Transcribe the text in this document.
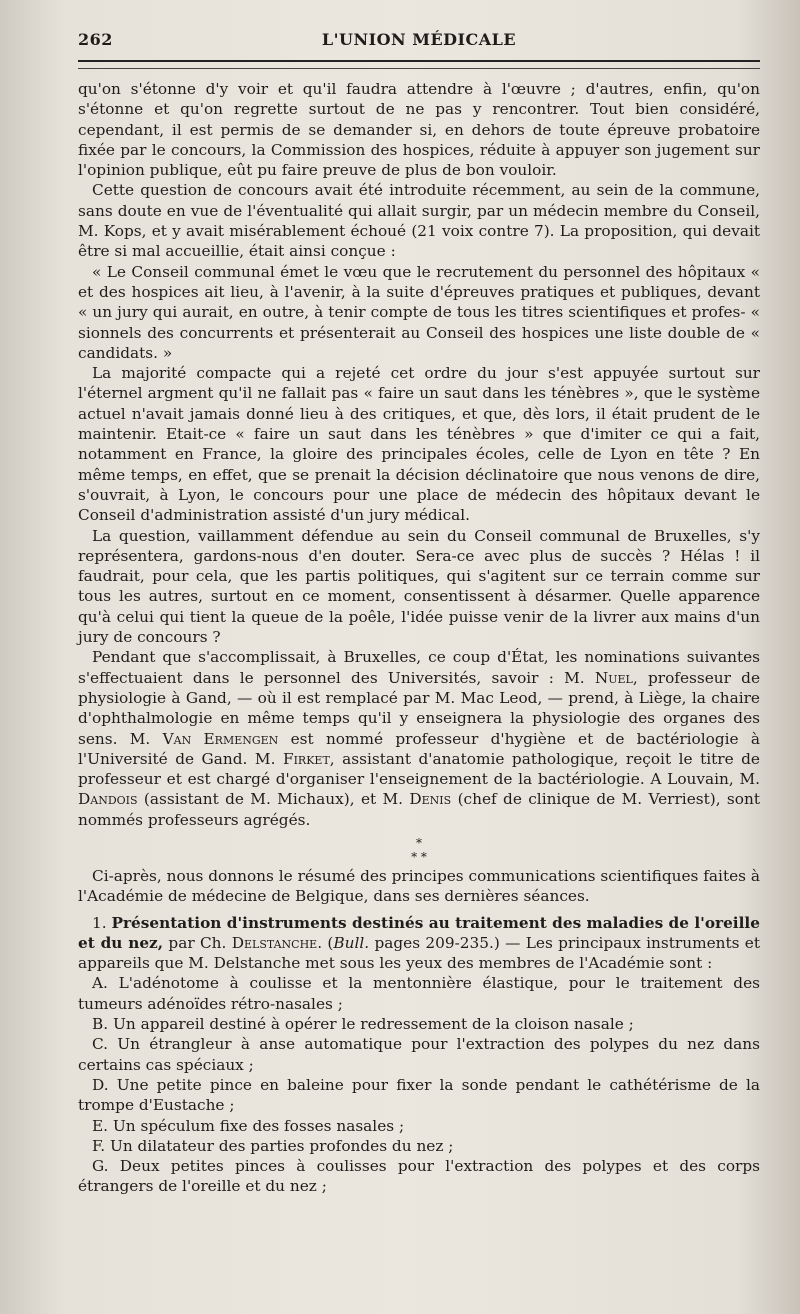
262	L'UNION MÉDICALE

qu'on s'étonne d'y voir et qu'il faudra attendre à l'œuvre ; d'autres, enfin, qu'on s'étonne et qu'on regrette surtout de ne pas y rencontrer. Tout bien considéré, cependant, il est permis de se demander si, en dehors de toute épreuve probatoire fixée par le concours, la Commission des hospices, réduite à appuyer son jugement sur l'opinion publique, eût pu faire preuve de plus de bon vouloir.

Cette question de concours avait été introduite récemment, au sein de la commune, sans doute en vue de l'éventualité qui allait surgir, par un médecin membre du Conseil, M. Kops, et y avait misérablement échoué (21 voix contre 7). La proposition, qui devait être si mal accueillie, était ainsi conçue :

« Le Conseil communal émet le vœu que le recrutement du personnel des hôpitaux « et des hospices ait lieu, à l'avenir, à la suite d'épreuves pratiques et publiques, devant « un jury qui aurait, en outre, à tenir compte de tous les titres scientifiques et profes- « sionnels des concurrents et présenterait au Conseil des hospices une liste double de « candidats. »

La majorité compacte qui a rejeté cet ordre du jour s'est appuyée surtout sur l'éternel argment qu'il ne fallait pas « faire un saut dans les ténèbres », que le système actuel n'avait jamais donné lieu à des critiques, et que, dès lors, il était prudent de le maintenir. Etait-ce « faire un saut dans les ténèbres » que d'imiter ce qui a fait, notamment en France, la gloire des principales écoles, celle de Lyon en tête ? En même temps, en effet, que se prenait la décision déclinatoire que nous venons de dire, s'ouvrait, à Lyon, le concours pour une place de médecin des hôpitaux devant le Conseil d'administration assisté d'un jury médical.

La question, vaillamment défendue au sein du Conseil communal de Bruxelles, s'y représentera, gardons-nous d'en douter. Sera-ce avec plus de succès ? Hélas ! il faudrait, pour cela, que les partis politiques, qui s'agitent sur ce terrain comme sur tous les autres, surtout en ce moment, consentissent à désarmer. Quelle apparence qu'à celui qui tient la queue de la poêle, l'idée puisse venir de la livrer aux mains d'un jury de concours ?

Pendant que s'accomplissait, à Bruxelles, ce coup d'État, les nominations suivantes s'effectuaient dans le personnel des Universités, savoir : M. Nuel, professeur de physiologie à Gand, — où il est remplacé par M. Mac Leod, — prend, à Liège, la chaire d'ophthalmologie en même temps qu'il y enseignera la physiologie des organes des sens. M. Van Ermengen est nommé professeur d'hygiène et de bactériologie à l'Université de Gand. M. Firket, assistant d'anatomie pathologique, reçoit le titre de professeur et est chargé d'organiser l'enseignement de la bactériologie. A Louvain, M. Dandois (assistant de M. Michaux), et M. Denis (chef de clinique de M. Verriest), sont nommés professeurs agrégés.

*
* *

Ci-après, nous donnons le résumé des principes communications scientifiques faites à l'Académie de médecine de Belgique, dans ses dernières séances.

1. Présentation d'instruments destinés au traitement des maladies de l'oreille et du nez, par Ch. Delstanche. (Bull. pages 209-235.) — Les principaux instruments et appareils que M. Delstanche met sous les yeux des membres de l'Académie sont :

A. L'adénotome à coulisse et la mentonnière élastique, pour le traitement des tumeurs adénoïdes rétro-nasales ;

B. Un appareil destiné à opérer le redressement de la cloison nasale ;

C. Un étrangleur à anse automatique pour l'extraction des polypes du nez dans certains cas spéciaux ;

D. Une petite pince en baleine pour fixer la sonde pendant le cathétérisme de la trompe d'Eustache ;

E. Un spéculum fixe des fosses nasales ;

F. Un dilatateur des parties profondes du nez ;

G. Deux petites pinces à coulisses pour l'extraction des polypes et des corps étrangers de l'oreille et du nez ;
